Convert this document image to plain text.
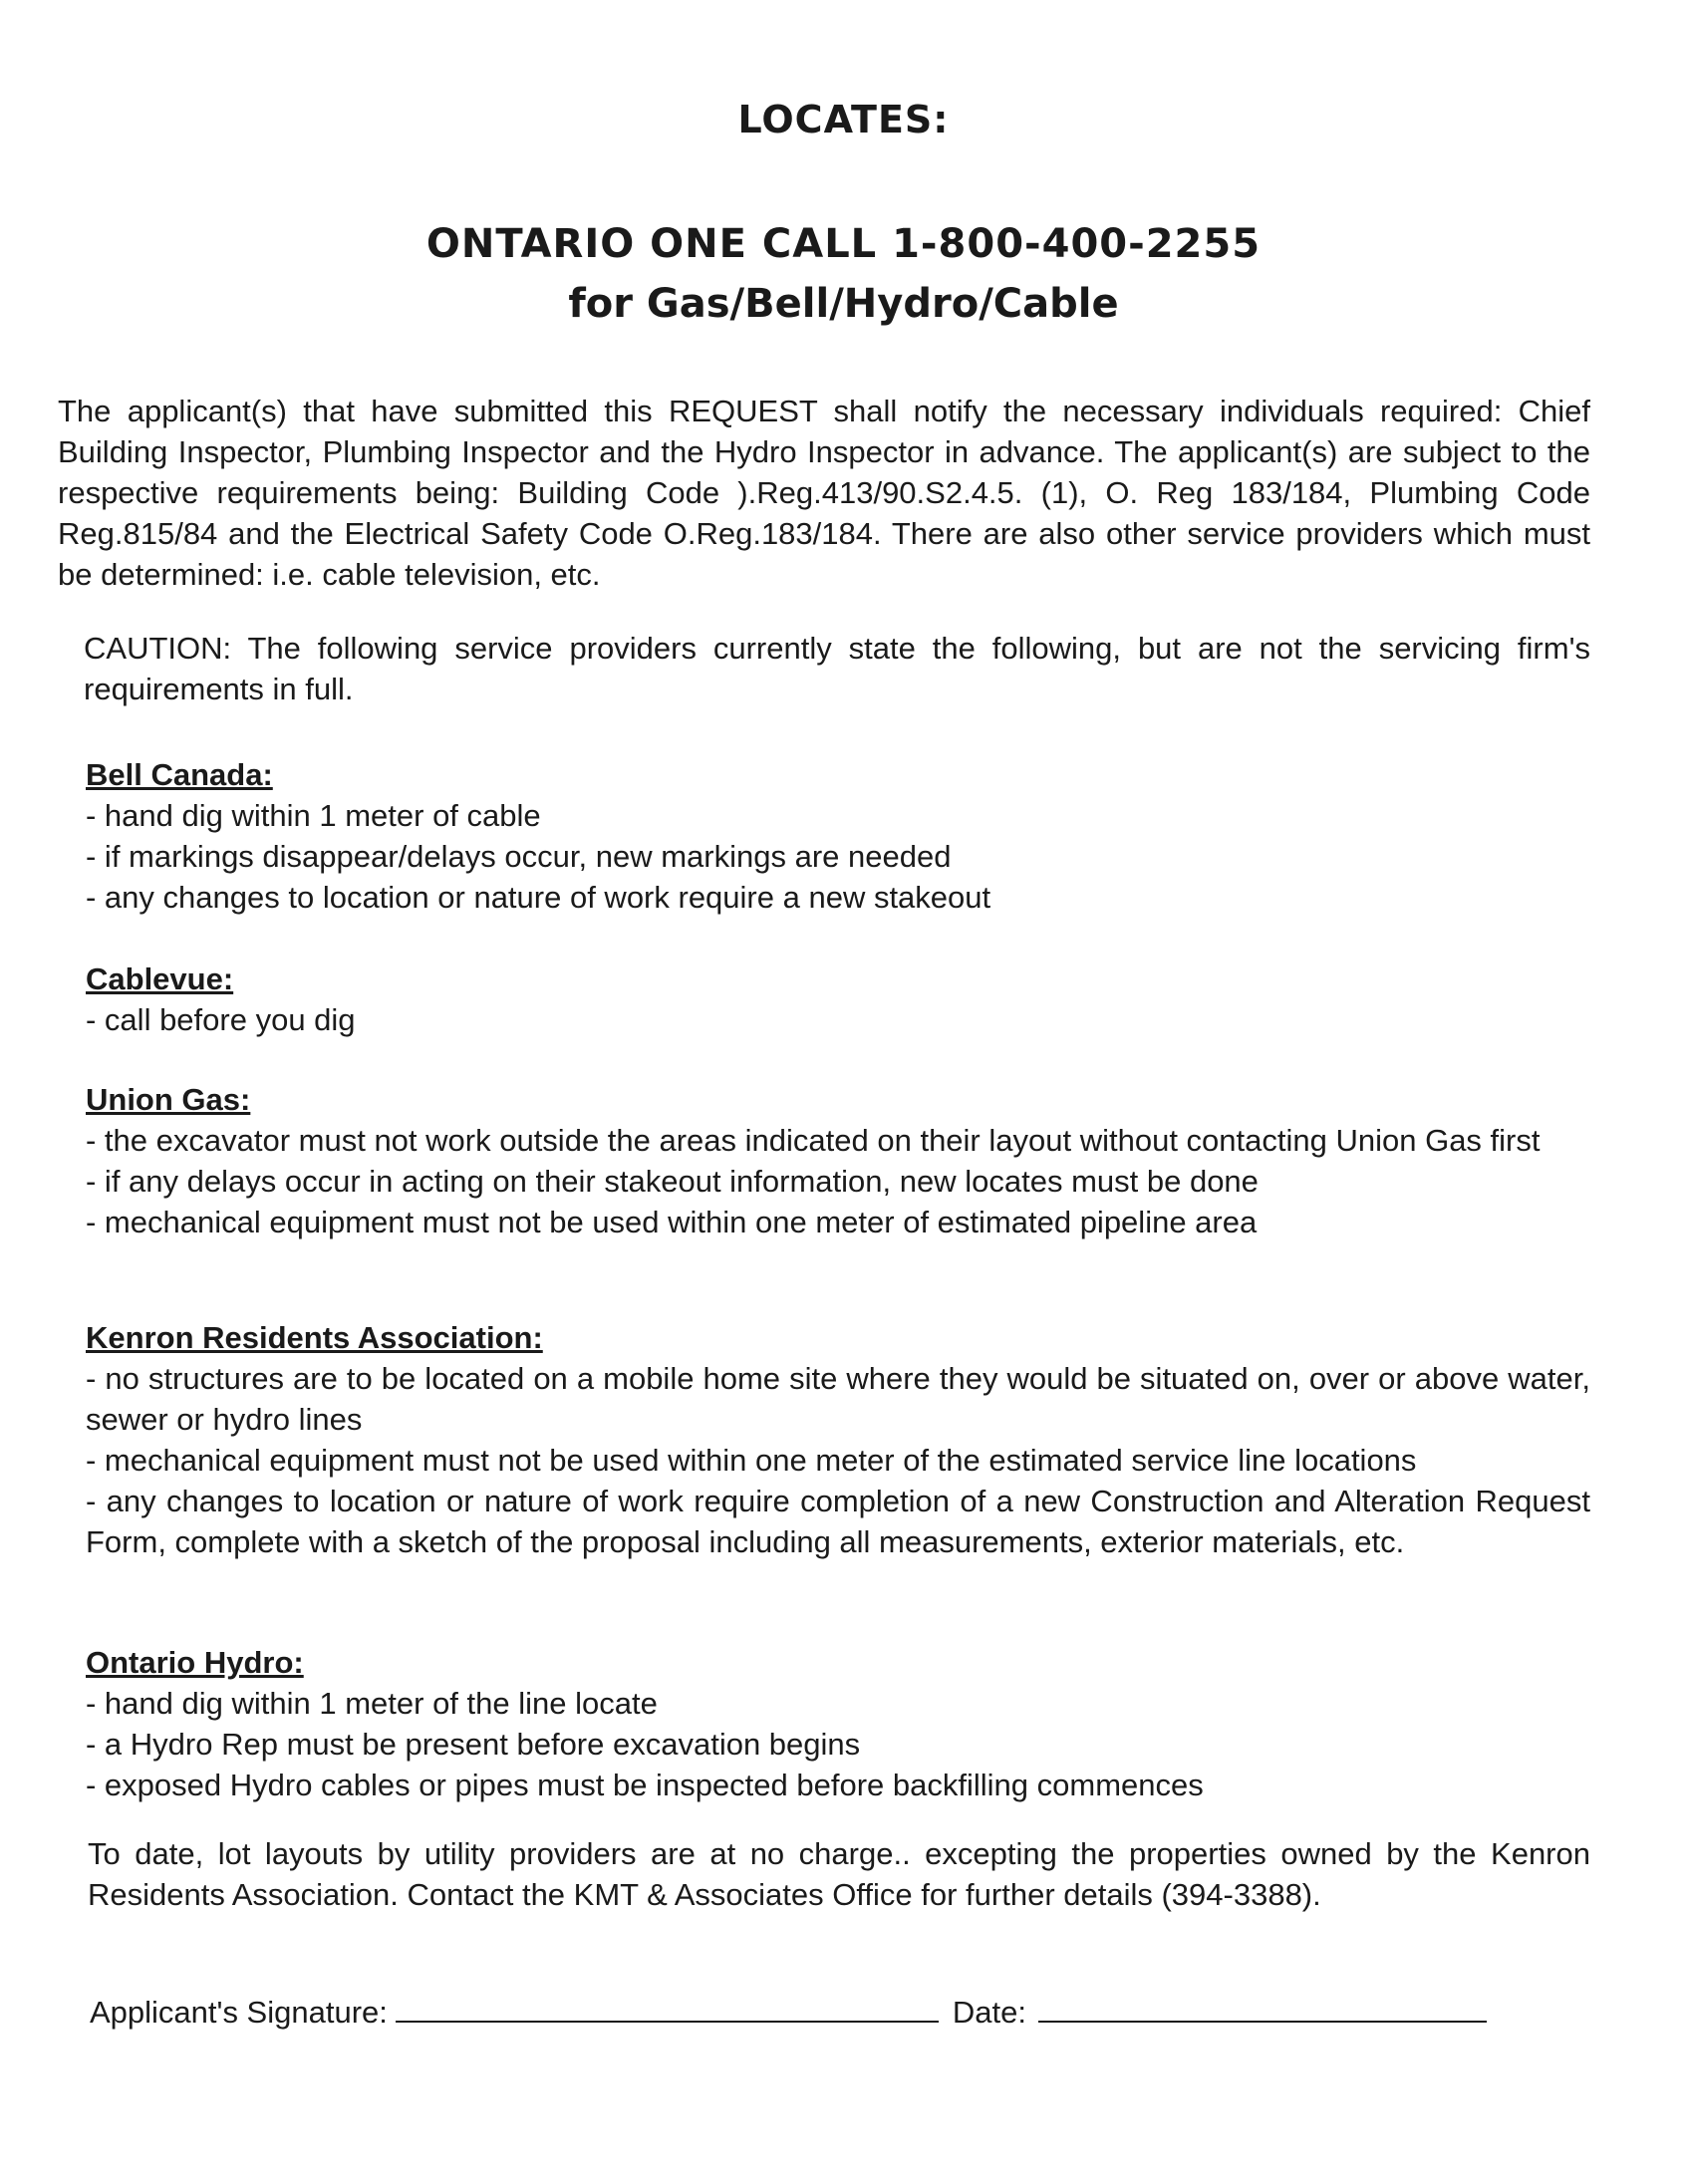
LOCATES:
ONTARIO ONE CALL 1-800-400-2255
for Gas/Bell/Hydro/Cable
The applicant(s) that have submitted this REQUEST shall notify the necessary individuals required: Chief Building Inspector, Plumbing Inspector and the Hydro Inspector in advance. The applicant(s) are subject to the respective requirements being: Building Code ).Reg.413/90.S2.4.5. (1), O. Reg 183/184, Plumbing Code Reg.815/84 and the Electrical Safety Code O.Reg.183/184. There are also other service providers which must be determined: i.e. cable television, etc.
CAUTION: The following service providers currently state the following, but are not the servicing firm's requirements in full.
Bell Canada:

- hand dig within 1 meter of cable

- if markings disappear/delays occur, new markings are needed

- any changes to location or nature of work require a new stakeout

Cablevue:

- call before you dig

Union Gas:

- the excavator must not work outside the areas indicated on their layout without contacting Union Gas first

- if any delays occur in acting on their stakeout information, new locates must be done

- mechanical equipment must not be used within one meter of estimated pipeline area

Kenron Residents Association:

- no structures are to be located on a mobile home site where they would be situated on, over or above water, sewer or hydro lines

- mechanical equipment must not be used within one meter of the estimated service line locations

- any changes to location or nature of work require completion of a new Construction and Alteration Request Form, complete with a sketch of the proposal including all measurements, exterior materials, etc.

Ontario Hydro:

- hand dig within 1 meter of the line locate

- a Hydro Rep must be present before excavation begins

- exposed Hydro cables or pipes must be inspected before backfilling commences

To date, lot layouts by utility providers are at no charge.. excepting the properties owned by the Kenron Residents Association. Contact the KMT & Associates Office for further details (394-3388).
Applicant's Signature:	Date:
